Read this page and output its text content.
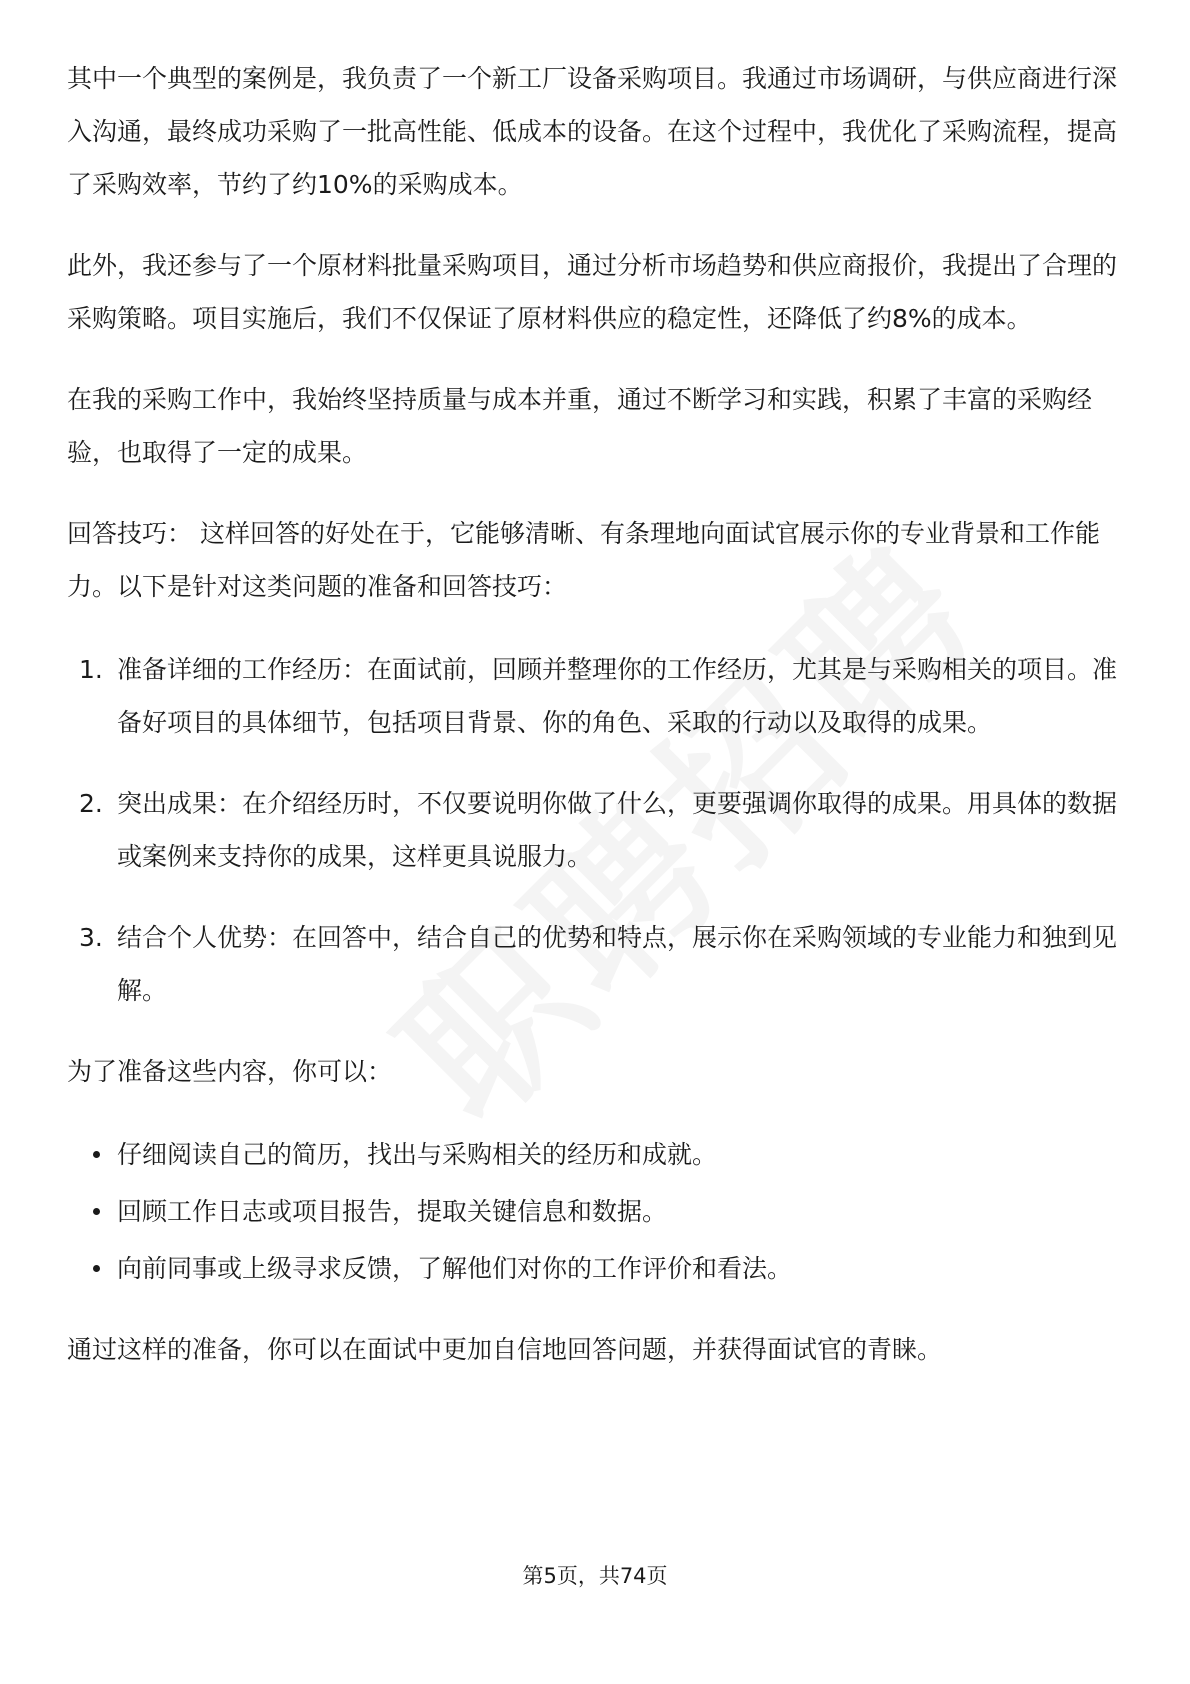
其中一个典型的案例是，我负责了一个新工厂设备采购项目。我通过市场调研，与供应商进行深入沟通，最终成功采购了一批高性能、低成本的设备。在这个过程中，我优化了采购流程，提高了采购效率，节约了约10%的采购成本。

此外，我还参与了一个原材料批量采购项目，通过分析市场趋势和供应商报价，我提出了合理的采购策略。项目实施后，我们不仅保证了原材料供应的稳定性，还降低了约8%的成本。

在我的采购工作中，我始终坚持质量与成本并重，通过不断学习和实践，积累了丰富的采购经验，也取得了一定的成果。

回答技巧： 这样回答的好处在于，它能够清晰、有条理地向面试官展示你的专业背景和工作能力。以下是针对这类问题的准备和回答技巧：

1. 准备详细的工作经历：在面试前，回顾并整理你的工作经历，尤其是与采购相关的项目。准备好项目的具体细节，包括项目背景、你的角色、采取的行动以及取得的成果。
2. 突出成果：在介绍经历时，不仅要说明你做了什么，更要强调你取得的成果。用具体的数据或案例来支持你的成果，这样更具说服力。
3. 结合个人优势：在回答中，结合自己的优势和特点，展示你在采购领域的专业能力和独到见解。

为了准备这些内容，你可以：

仔细阅读自己的简历，找出与采购相关的经历和成就。
回顾工作日志或项目报告，提取关键信息和数据。
向前同事或上级寻求反馈，了解他们对你的工作评价和看法。

通过这样的准备，你可以在面试中更加自信地回答问题，并获得面试官的青睐。

第5页，共74页
